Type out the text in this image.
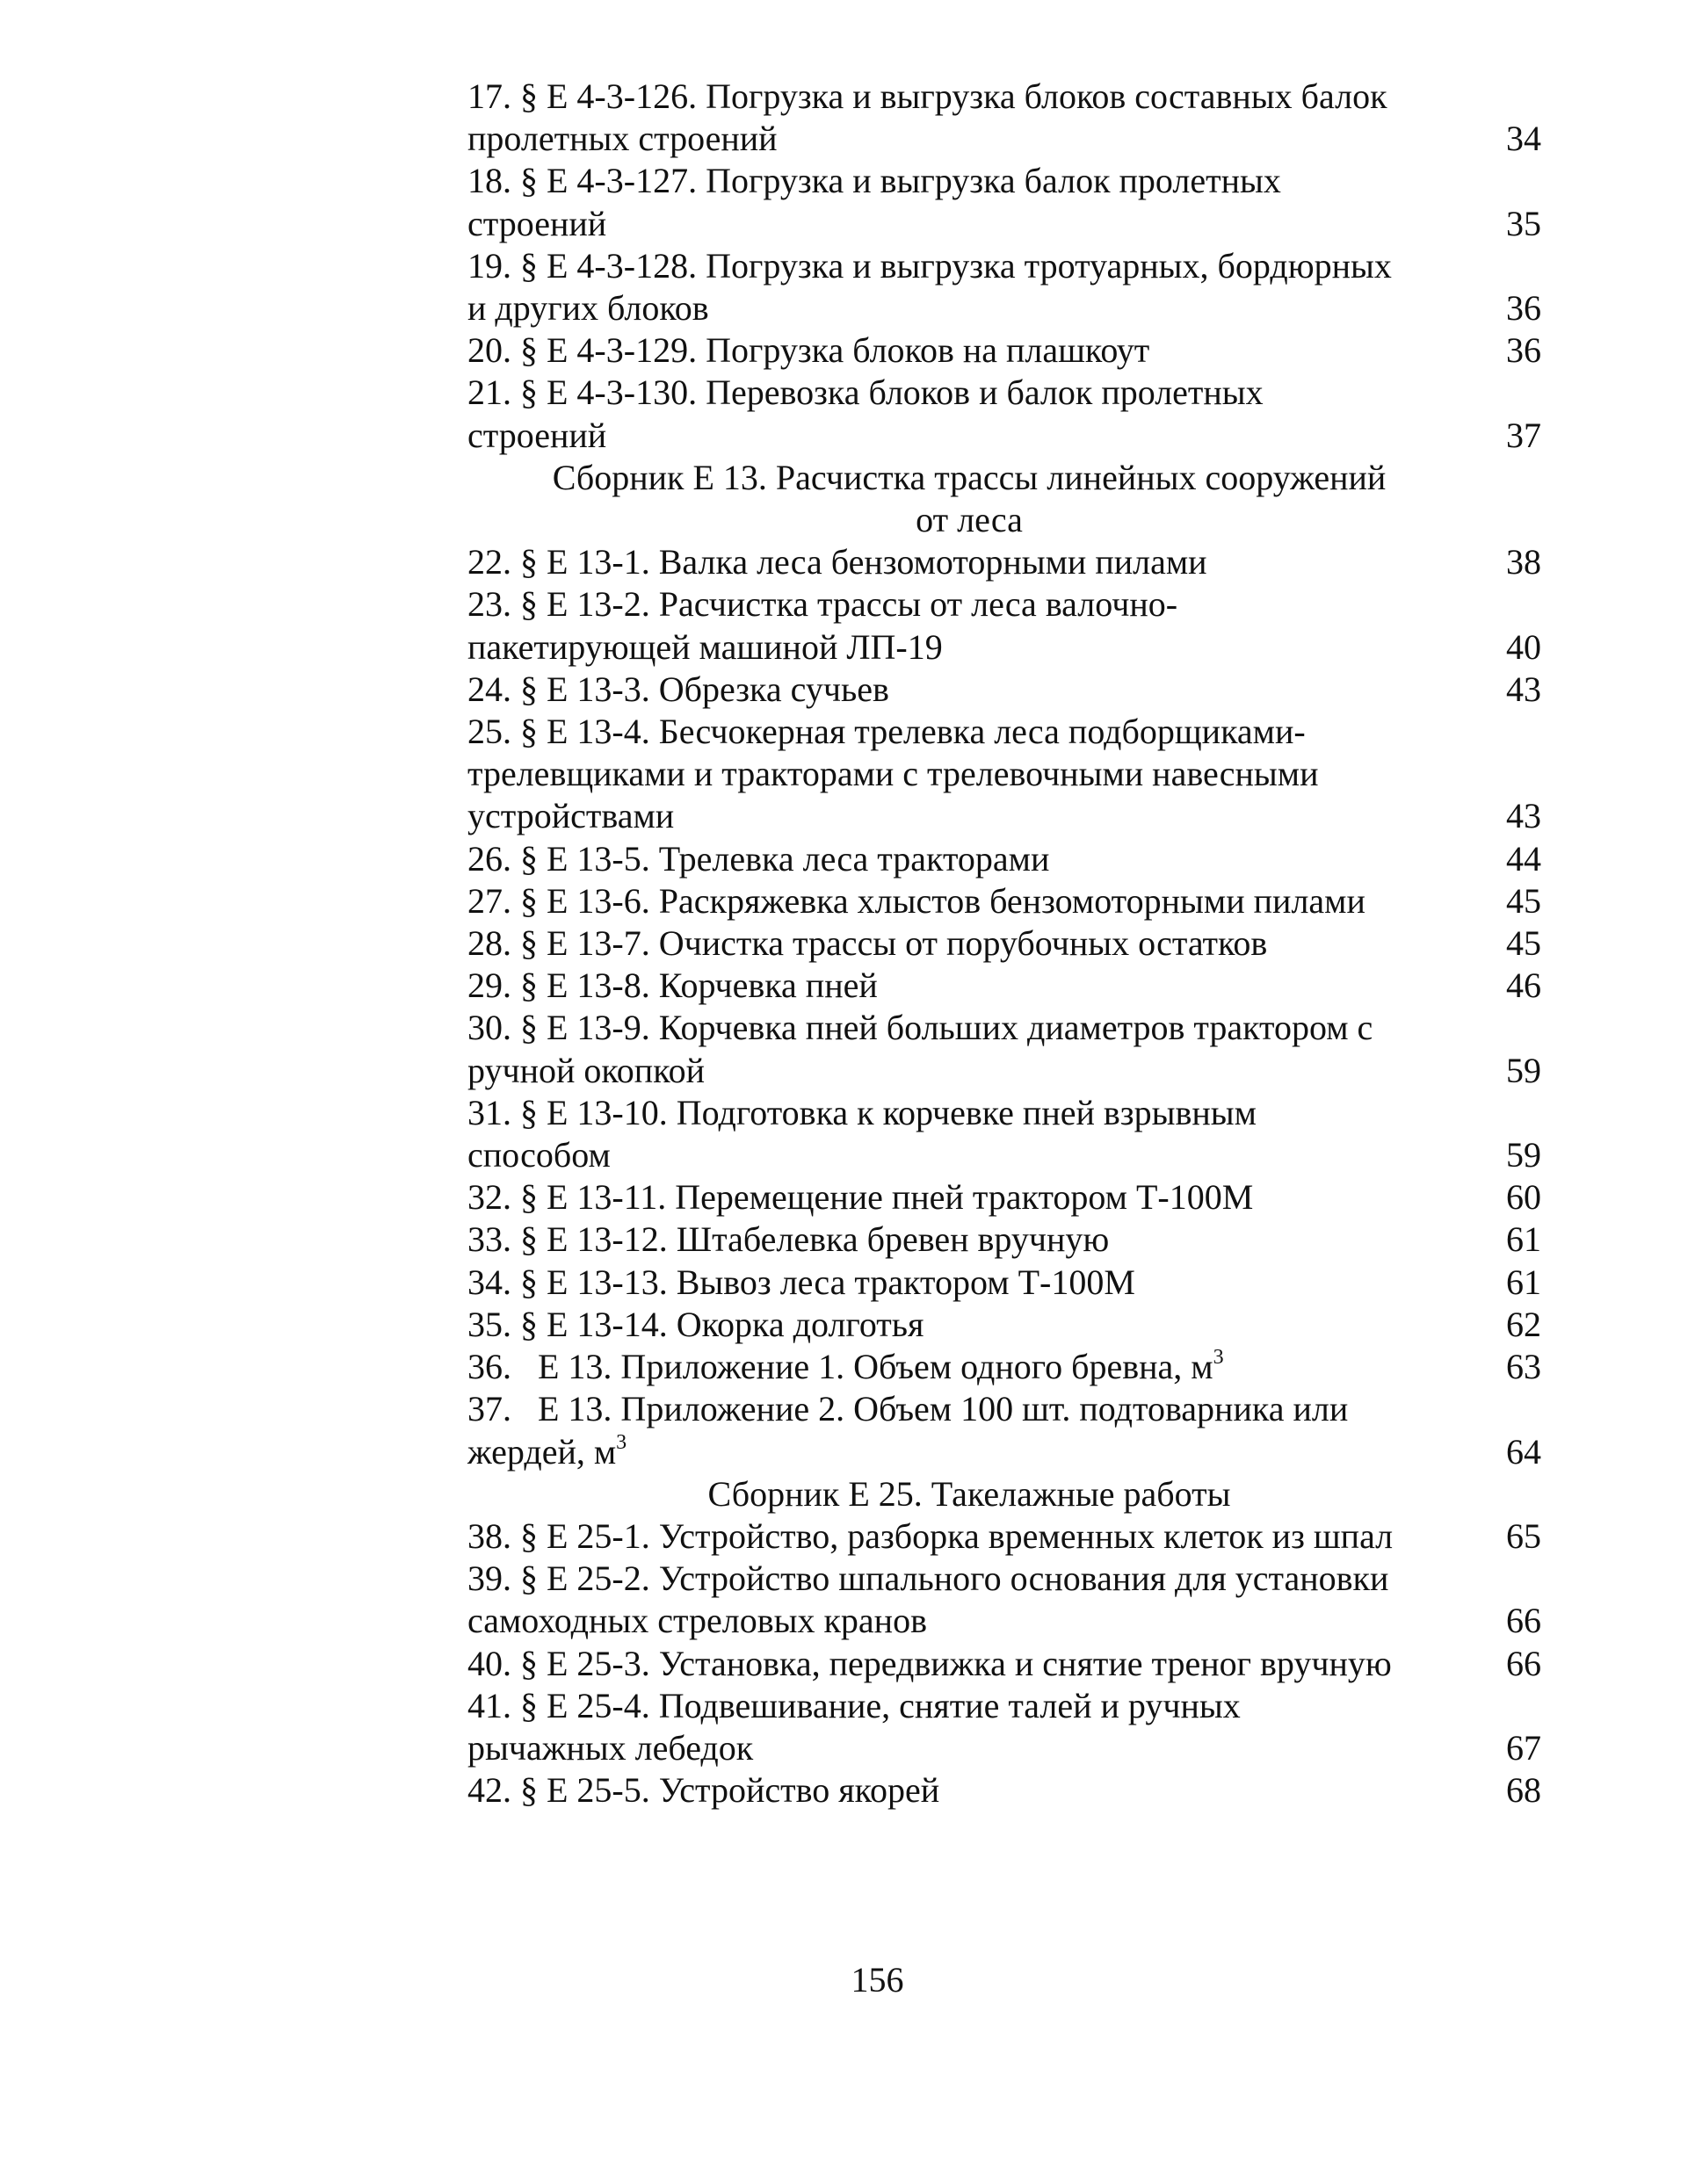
17. § Е 4-3-126. Погрузка и выгрузка блоков составных балок
пролетных строений	34
18. § Е 4-3-127. Погрузка и выгрузка балок пролетных
строений	35
19. § Е 4-3-128. Погрузка и выгрузка тротуарных, бордюрных
и других блоков	36
20. § Е 4-3-129. Погрузка блоков на плашкоут	36
21. § Е 4-3-130. Перевозка блоков и балок пролетных
строений	37
Сборник Е 13. Расчистка трассы линейных сооружений
от леса
22. § Е 13-1. Валка леса бензомоторными пилами	38
23. § Е 13-2. Расчистка трассы от леса валочно-
пакетирующей машиной ЛП-19	40
24. § Е 13-3. Обрезка сучьев	43
25. § Е 13-4. Бесчокерная трелевка леса подборщиками-
трелевщиками и тракторами с трелевочными навесными
устройствами	43
26. § Е 13-5. Трелевка леса тракторами	44
27. § Е 13-6. Раскряжевка хлыстов бензомоторными пилами	45
28. § Е 13-7. Очистка трассы от порубочных остатков	45
29. § Е 13-8. Корчевка пней	46
30. § Е 13-9. Корчевка пней больших диаметров трактором с
ручной окопкой	59
31. § Е 13-10. Подготовка к корчевке пней взрывным
способом	59
32. § Е 13-11. Перемещение пней трактором Т-100М	60
33. § Е 13-12. Штабелевка бревен вручную	61
34. § Е 13-13. Вывоз леса трактором Т-100М	61
35. § Е 13-14. Окорка долготья	62
36.   Е 13. Приложение 1. Объем одного бревна, $м^3$	63
37.   Е 13. Приложение 2. Объем 100 шт. подтоварника или
жердей, $м^3$	64
Сборник Е 25. Такелажные работы
38. § Е 25-1. Устройство, разборка временных клеток из шпал	65
39. § Е 25-2. Устройство шпального основания для установки
самоходных стреловых кранов	66
40. § Е 25-3. Установка, передвижка и снятие треног вручную	66
41. § Е 25-4. Подвешивание, снятие талей и ручных
рычажных лебедок	67
42. § Е 25-5. Устройство якорей	68
156
